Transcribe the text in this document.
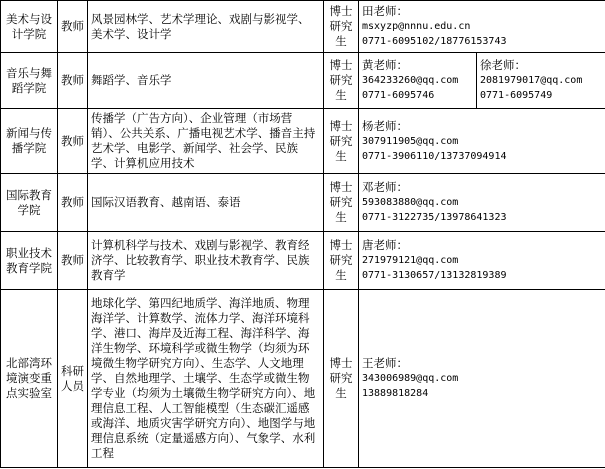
美术与设计学院	教师	风景园林学、艺术学理论、戏剧与影视学、美术学、设计学	博士研究生	田老师：
msxyzp@nnnu.edu.cn
0771-6095102/18776153743	

音乐与舞蹈学院	教师	舞蹈学、音乐学	博士研究生	黄老师：
364233260@qq.com
0771-6095746	徐老师：
2081979017@qq.com
0771-6095749

新闻与传播学院	教师	传播学（广告方向）、企业管理（市场营销）、公共关系、广播电视艺术学、播音主持艺术学、电影学、新闻学、社会学、民族学、计算机应用技术	博士研究生	杨老师：
307911905@qq.com
0771-3906110/13737094914	

国际教育学院	教师	国际汉语教育、越南语、泰语	博士研究生	邓老师：
593083880@qq.com
0771-3122735/13978641323	

职业技术教育学院	教师	计算机科学与技术、戏剧与影视学、教育经济学、比较教育学、职业技术教育学、民族教育学	博士研究生	唐老师：
271979121@qq.com
0771-3130657/13132819389	

北部湾环境演变重点实验室	科研人员	地球化学、第四纪地质学、海洋地质、物理海洋学、计算数学、流体力学、海洋环境科学、港口、海岸及近海工程、海洋科学、海洋生物学、环境科学或微生物学（均须为环境微生物学研究方向）、生态学、人文地理学、自然地理学、土壤学、生态学或微生物学专业（均须为土壤微生物学研究方向）、地理信息工程、人工智能模型（生态碳汇遥感或海洋、地质灾害学研究方向）、地图学与地理信息系统（定量遥感方向）、气象学、水利工程	博士研究生	王老师：
343006989@qq.com
13889818284	
